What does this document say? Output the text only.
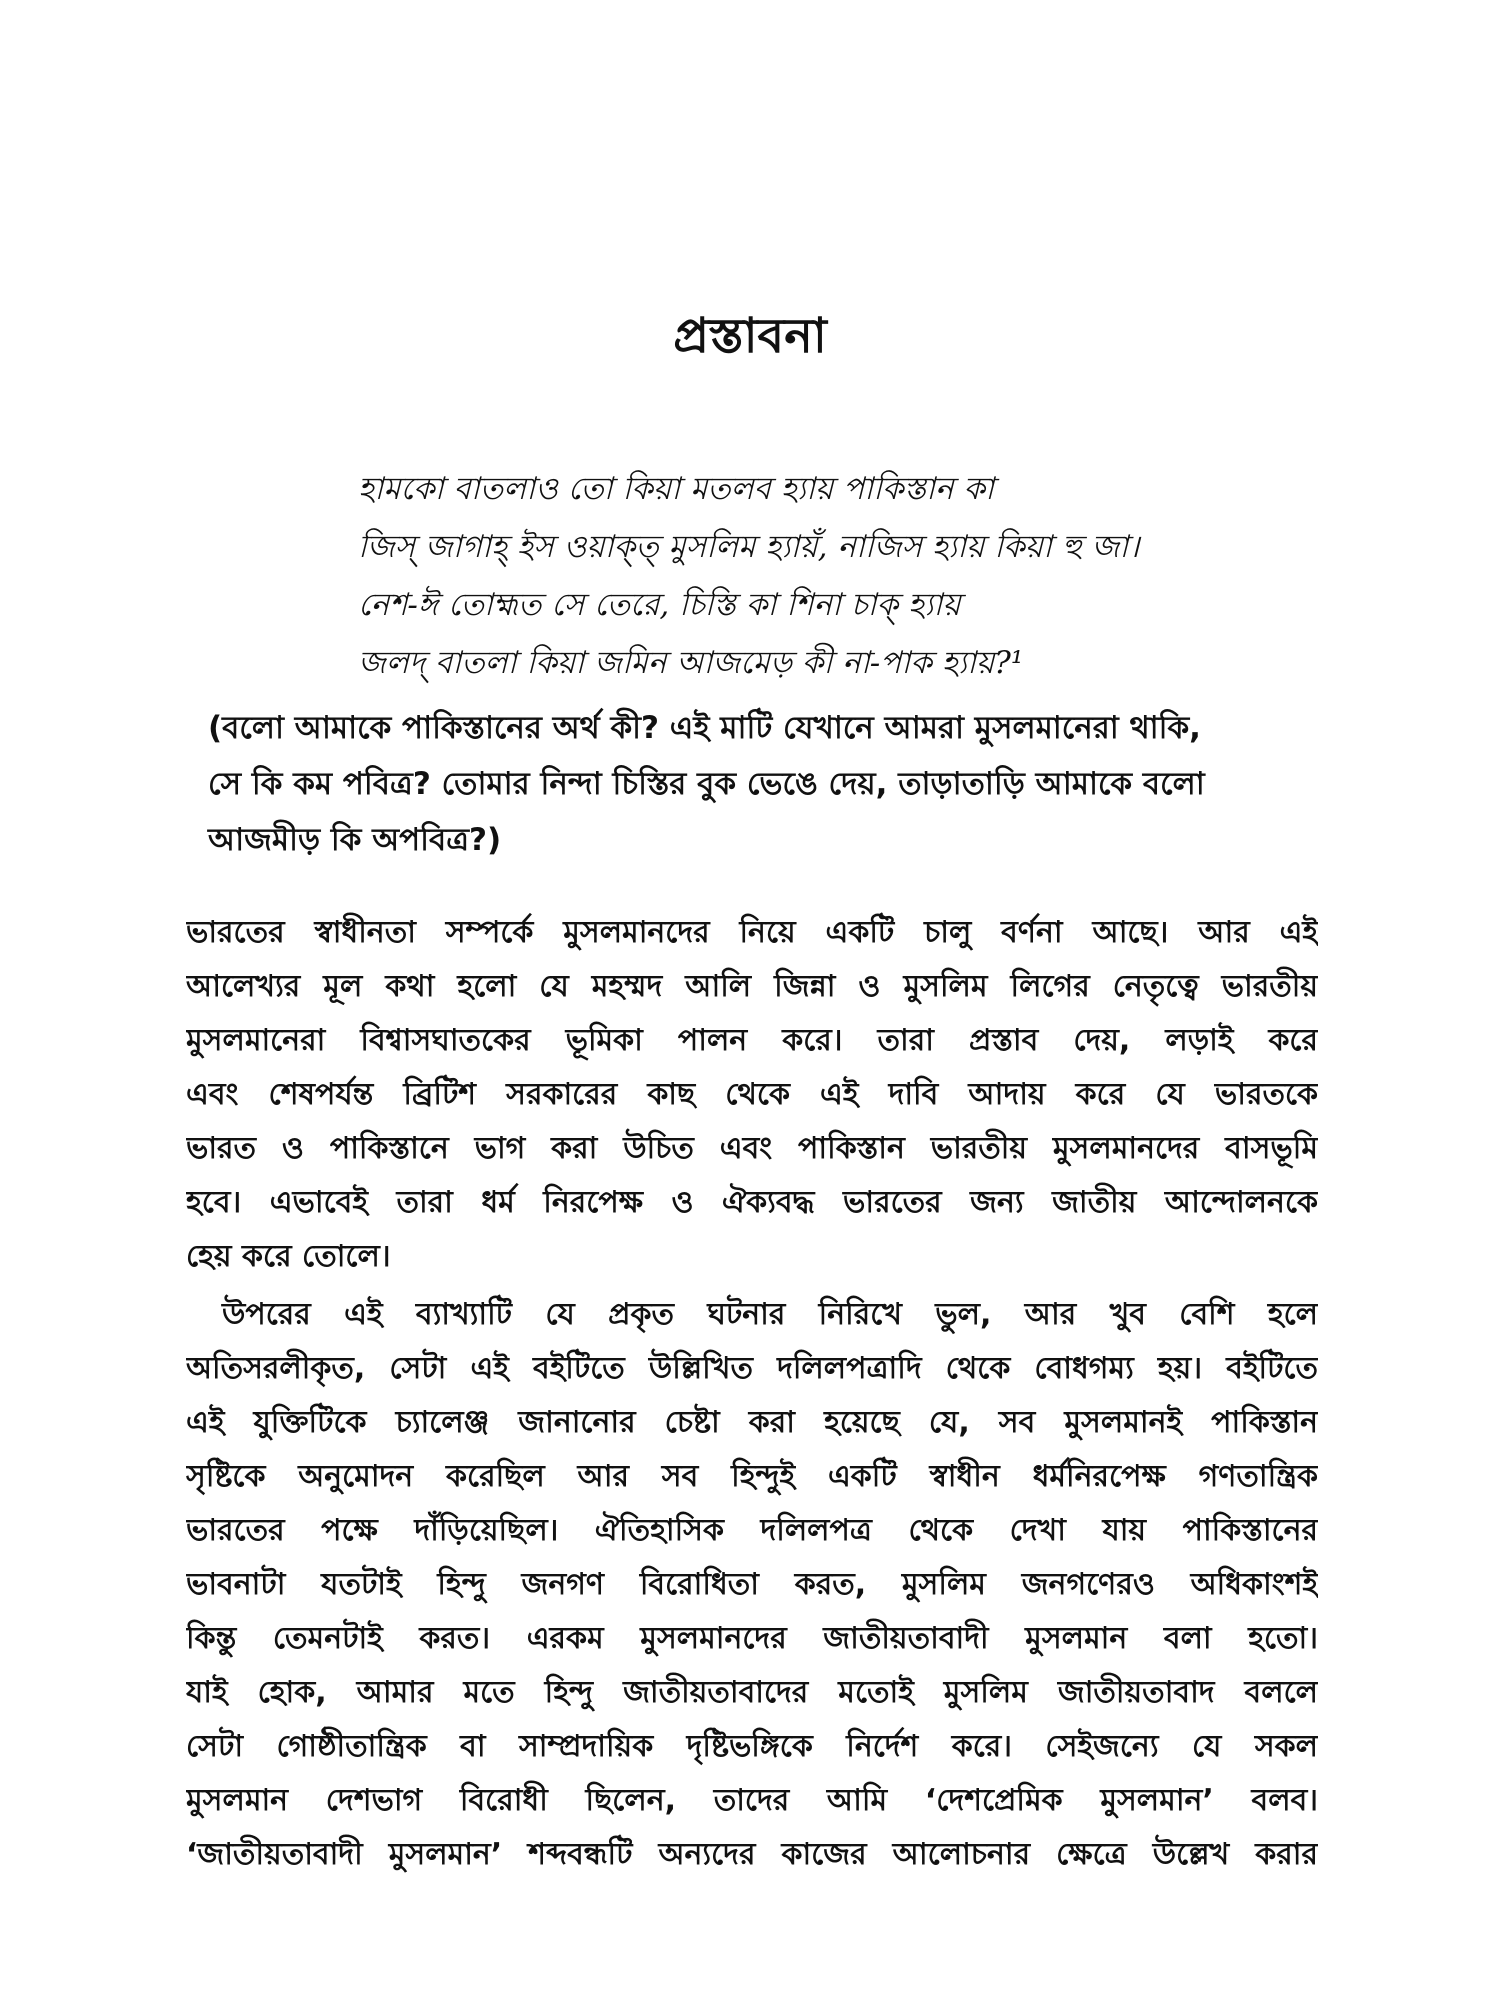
প্রস্তাবনা
হামকো বাতলাও তো কিয়া মতলব হ্যায় পাকিস্তান কা
জিস্ জাগাহ্ ইস ওয়াক্ত্ মুসলিম হ্যায়ঁ, নাজিস হ্যায় কিয়া হু জা।
নেশ-ঈ তোহ্মত সে তেরে, চিস্তি কা শিনা চাক্ হ্যায়
জলদ্ বাতলা কিয়া জমিন আজমেড় কী না-পাক হ্যায়?¹
(বলো আমাকে পাকিস্তানের অর্থ কী? এই মাটি যেখানে আমরা মুসলমানেরা থাকি,
সে কি কম পবিত্র? তোমার নিন্দা চিস্তির বুক ভেঙে দেয়, তাড়াতাড়ি আমাকে বলো
আজমীড় কি অপবিত্র?)
ভারতের স্বাধীনতা সম্পর্কে মুসলমানদের নিয়ে একটি চালু বর্ণনা আছে। আর এই
আলেখ্যর মূল কথা হলো যে মহম্মদ আলি জিন্না ও মুসলিম লিগের নেতৃত্বে ভারতীয়
মুসলমানেরা বিশ্বাসঘাতকের ভূমিকা পালন করে। তারা প্রস্তাব দেয়, লড়াই করে
এবং শেষপর্যন্ত ব্রিটিশ সরকারের কাছ থেকে এই দাবি আদায় করে যে ভারতকে
ভারত ও পাকিস্তানে ভাগ করা উচিত এবং পাকিস্তান ভারতীয় মুসলমানদের বাসভূমি
হবে। এভাবেই তারা ধর্ম নিরপেক্ষ ও ঐক্যবদ্ধ ভারতের জন্য জাতীয় আন্দোলনকে
হেয় করে তোলে।
উপরের এই ব্যাখ্যাটি যে প্রকৃত ঘটনার নিরিখে ভুল, আর খুব বেশি হলে
অতিসরলীকৃত, সেটা এই বইটিতে উল্লিখিত দলিলপত্রাদি থেকে বোধগম্য হয়। বইটিতে
এই যুক্তিটিকে চ্যালেঞ্জ জানানোর চেষ্টা করা হয়েছে যে, সব মুসলমানই পাকিস্তান
সৃষ্টিকে অনুমোদন করেছিল আর সব হিন্দুই একটি স্বাধীন ধর্মনিরপেক্ষ গণতান্ত্রিক
ভারতের পক্ষে দাঁড়িয়েছিল। ঐতিহাসিক দলিলপত্র থেকে দেখা যায় পাকিস্তানের
ভাবনাটা যতটাই হিন্দু জনগণ বিরোধিতা করত, মুসলিম জনগণেরও অধিকাংশই
কিন্তু তেমনটাই করত। এরকম মুসলমানদের জাতীয়তাবাদী মুসলমান বলা হতো।
যাই হোক, আমার মতে হিন্দু জাতীয়তাবাদের মতোই মুসলিম জাতীয়তাবাদ বললে
সেটা গোষ্ঠীতান্ত্রিক বা সাম্প্রদায়িক দৃষ্টিভঙ্গিকে নির্দেশ করে। সেইজন্যে যে সকল
মুসলমান দেশভাগ বিরোধী ছিলেন, তাদের আমি ‘দেশপ্রেমিক মুসলমান’ বলব।
‘জাতীয়তাবাদী মুসলমান’ শব্দবন্ধটি অন্যদের কাজের আলোচনার ক্ষেত্রে উল্লেখ করার
